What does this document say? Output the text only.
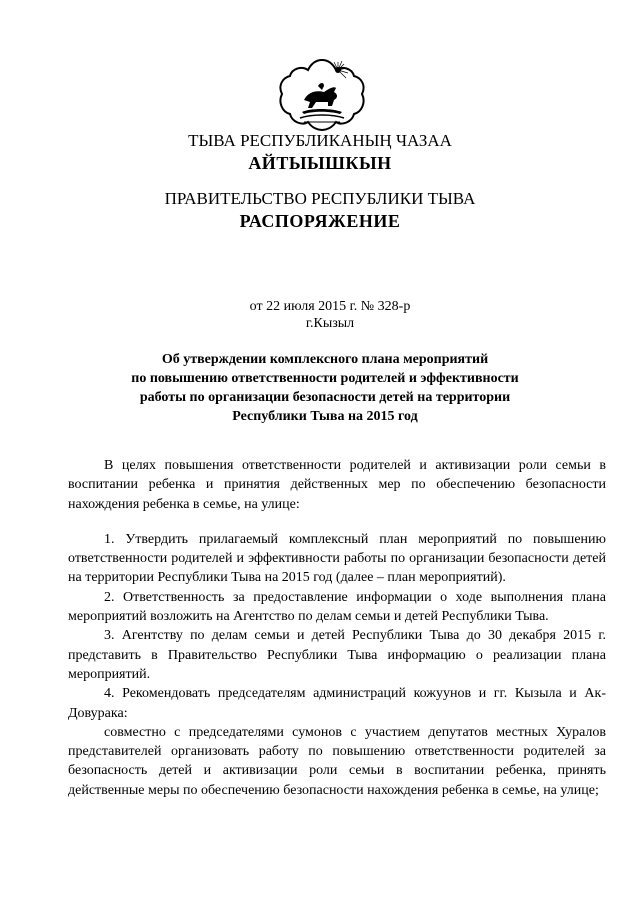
ТЫВА РЕСПУБЛИКАНЫҢ ЧАЗАА
АЙТЫЫШКЫН
ПРАВИТЕЛЬСТВО РЕСПУБЛИКИ ТЫВА
РАСПОРЯЖЕНИЕ
от 22 июля 2015 г. № 328-р
г.Кызыл
Об утверждении комплексного плана мероприятий
по повышению ответственности родителей и эффективности
работы по организации безопасности детей на территории
Республики Тыва на 2015 год

В целях повышения ответственности родителей и активизации роли семьи в воспитании ребенка и принятия действенных мер по обеспечению безопасности нахождения ребенка в семье, на улице:

1. Утвердить прилагаемый комплексный план мероприятий по повышению ответственности родителей и эффективности работы по организации безопасности детей на территории Республики Тыва на 2015 год (далее – план мероприятий).

2. Ответственность за предоставление информации о ходе выполнения плана мероприятий возложить на Агентство по делам семьи и детей Республики Тыва.

3. Агентству по делам семьи и детей Республики Тыва до 30 декабря 2015 г. представить в Правительство Республики Тыва информацию о реализации плана мероприятий.

4. Рекомендовать председателям администраций кожуунов и гг. Кызыла и Ак-Довурака:

совместно с председателями сумонов с участием депутатов местных Хуралов представителей организовать работу по повышению ответственности родителей за безопасность детей и активизации роли семьи в воспитании ребенка, принять действенные меры по обеспечению безопасности нахождения ребенка в семье, на улице;
